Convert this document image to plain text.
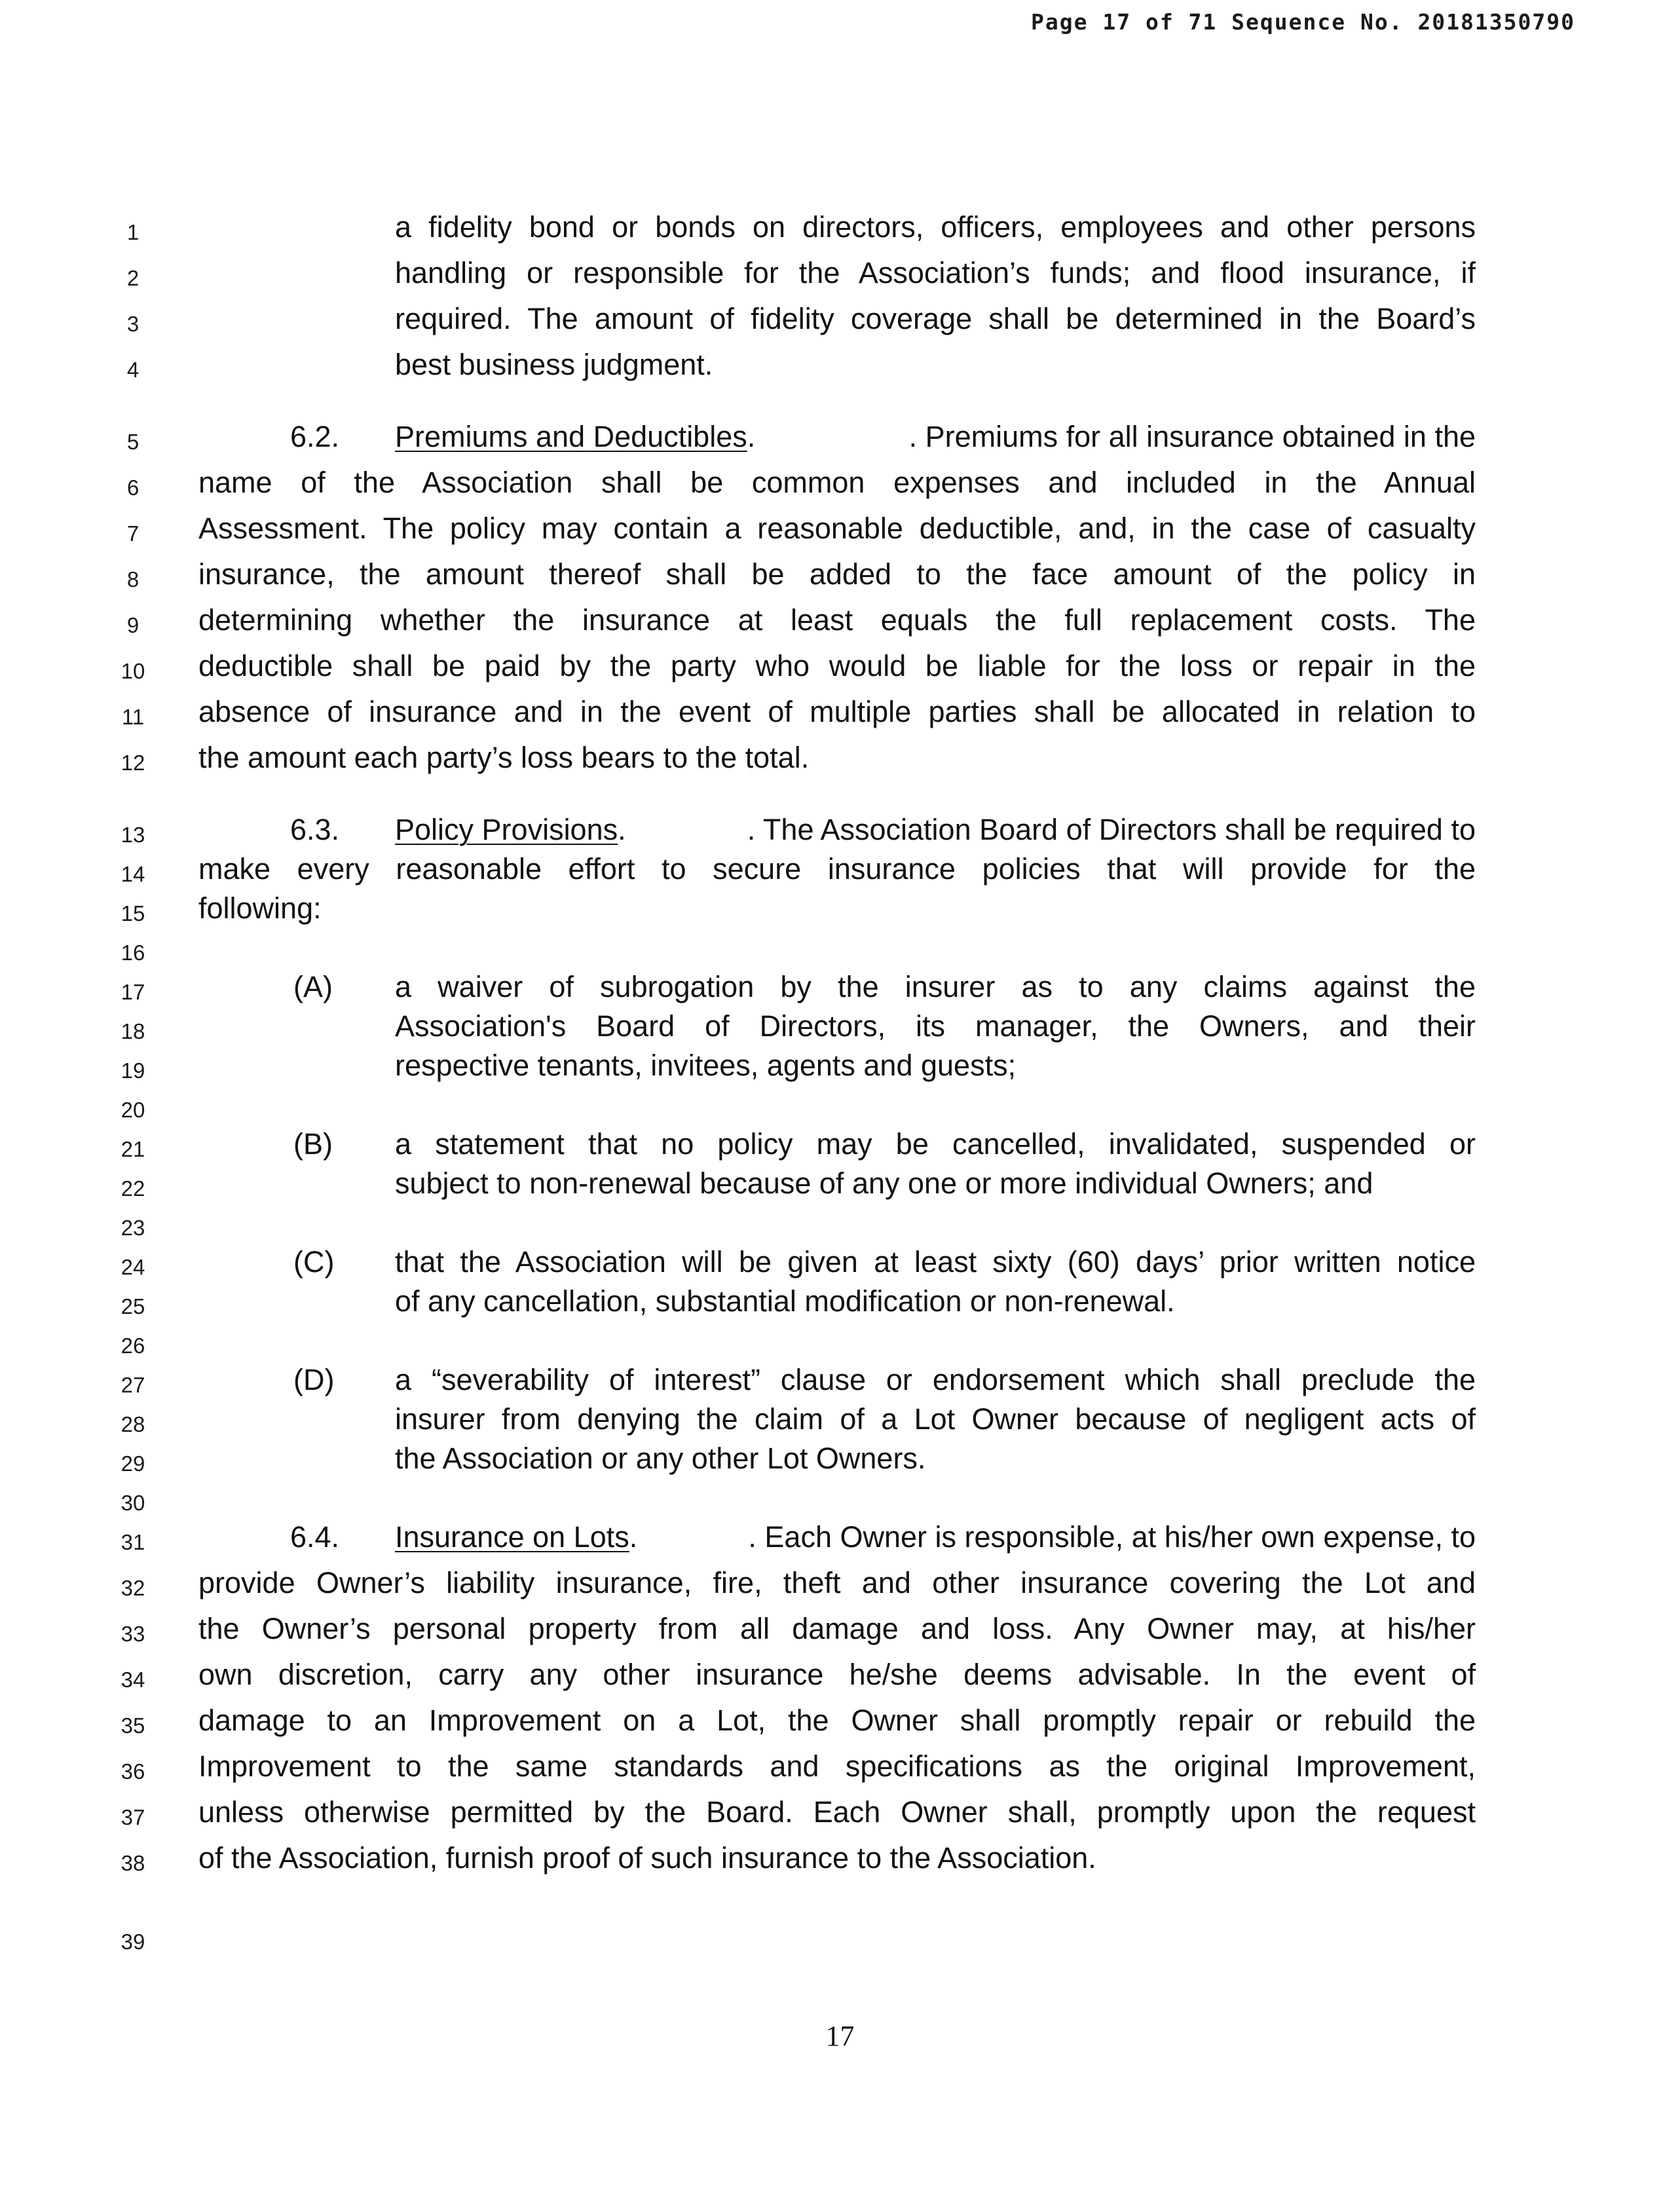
Page 17 of 71 Sequence No. 20181350790
1
2
3
4
5
6
7
8
9
10
11
12
13
14
15
16
17
18
19
20
21
22
23
24
25
26
27
28
29
30
31
32
33
34
35
36
37
38
39
a fidelity bond or bonds on directors, officers, employees and other persons
handling or responsible for the Association’s funds; and flood insurance, if
required. The amount of fidelity coverage shall be determined in the Board’s
best business judgment.
6.2. Premiums and Deductibles .	. Premiums for all insurance obtained in the
name of the Association shall be common expenses and included in the Annual
Assessment. The policy may contain a reasonable deductible, and, in the case of casualty
insurance, the amount thereof shall be added to the face amount of the policy in
determining whether the insurance at least equals the full replacement costs. The
deductible shall be paid by the party who would be liable for the loss or repair in the
absence of insurance and in the event of multiple parties shall be allocated in relation to
the amount each party’s loss bears to the total.
6.3. Policy Provisions .	. The Association Board of Directors shall be required to
make every reasonable effort to secure insurance policies that will provide for the
following:
(A) a waiver of subrogation by the insurer as to any claims against the
Association's Board of Directors, its manager, the Owners, and their
respective tenants, invitees, agents and guests;
(B) a statement that no policy may be cancelled, invalidated, suspended or
subject to non-renewal because of any one or more individual Owners; and
(C) that the Association will be given at least sixty (60) days’ prior written notice
of any cancellation, substantial modification or non-renewal.
(D) a “severability of interest” clause or endorsement which shall preclude the
insurer from denying the claim of a Lot Owner because of negligent acts of
the Association or any other Lot Owners.
6.4. Insurance on Lots .	. Each Owner is responsible, at his/her own expense, to
provide Owner’s liability insurance, fire, theft and other insurance covering the Lot and
the Owner’s personal property from all damage and loss. Any Owner may, at his/her
own discretion, carry any other insurance he/she deems advisable. In the event of
damage to an Improvement on a Lot, the Owner shall promptly repair or rebuild the
Improvement to the same standards and specifications as the original Improvement,
unless otherwise permitted by the Board. Each Owner shall, promptly upon the request
of the Association, furnish proof of such insurance to the Association.
17
